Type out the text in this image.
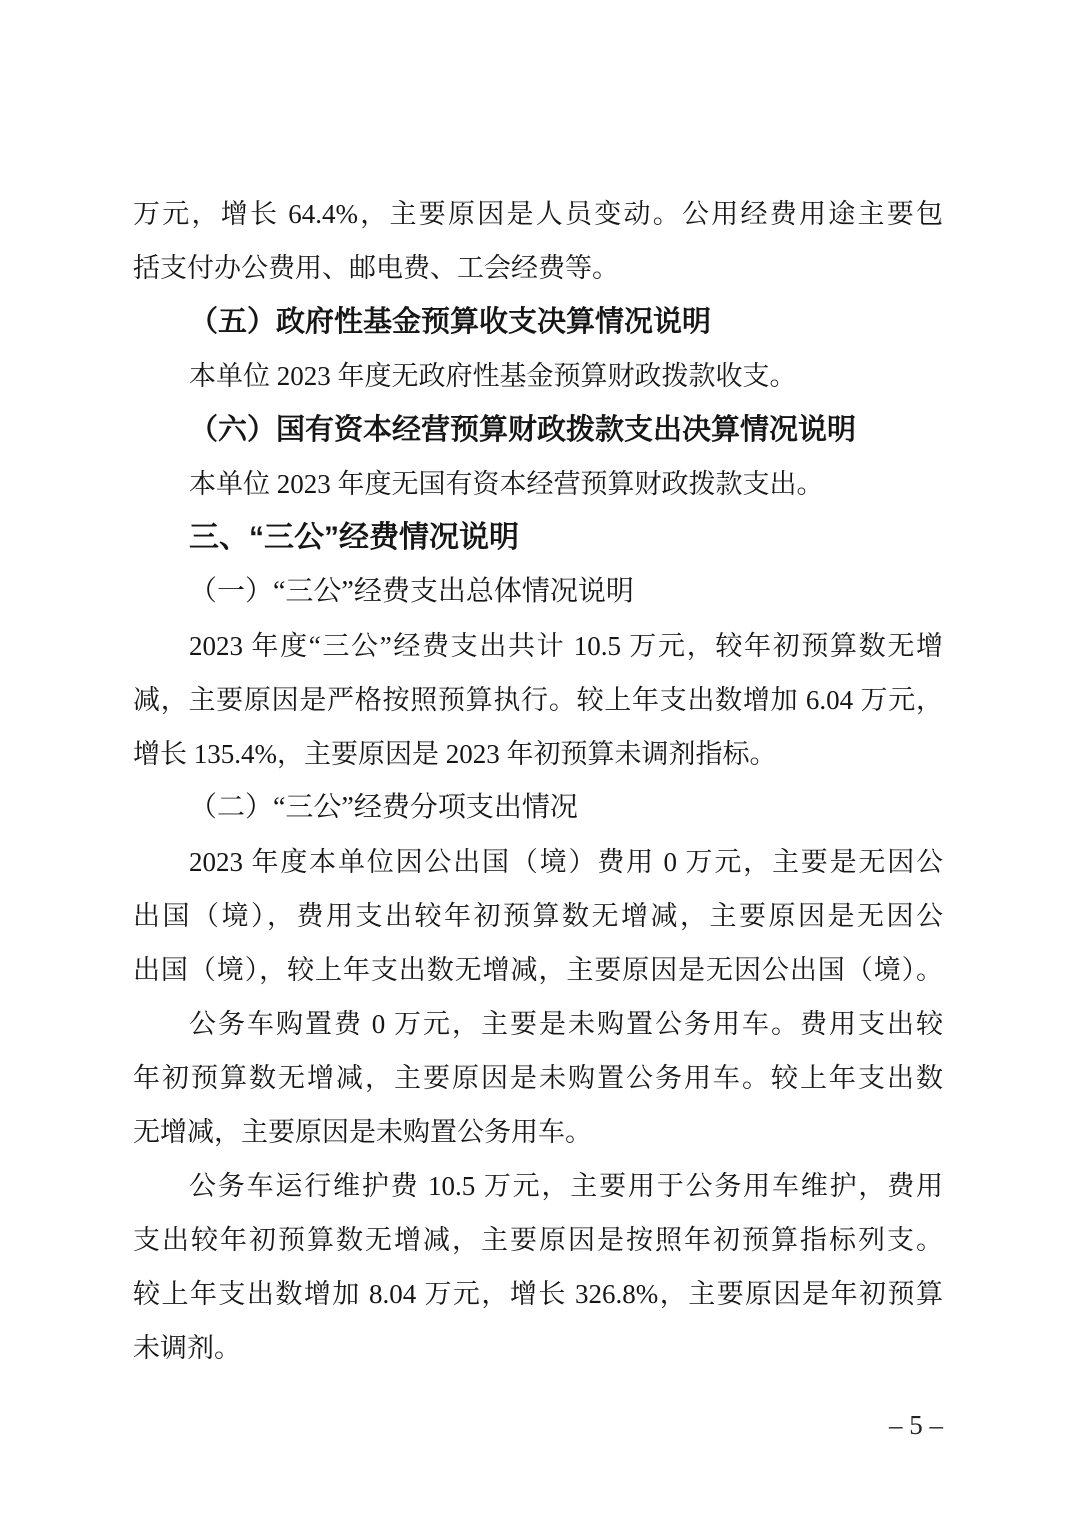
万元，增长 64.4%，主要原因是人员变动。公用经费用途主要包
括支付办公费用、邮电费、工会经费等。
（五）政府性基金预算收支决算情况说明
本单位 2023 年度无政府性基金预算财政拨款收支。
（六）国有资本经营预算财政拨款支出决算情况说明
本单位 2023 年度无国有资本经营预算财政拨款支出。
三、“三公”经费情况说明
（一）“三公”经费支出总体情况说明
2023 年度“三公”经费支出共计 10.5 万元，较年初预算数无增
减，主要原因是严格按照预算执行。较上年支出数增加 6.04 万元，
增长 135.4%，主要原因是 2023 年初预算未调剂指标。
（二）“三公”经费分项支出情况
2023 年度本单位因公出国（境）费用 0 万元，主要是无因公
出国（境），费用支出较年初预算数无增减，主要原因是无因公
出国（境），较上年支出数无增减，主要原因是无因公出国（境）。
公务车购置费 0 万元，主要是未购置公务用车。费用支出较
年初预算数无增减，主要原因是未购置公务用车。较上年支出数
无增减，主要原因是未购置公务用车。
公务车运行维护费 10.5 万元，主要用于公务用车维护，费用
支出较年初预算数无增减，主要原因是按照年初预算指标列支。
较上年支出数增加 8.04 万元，增长 326.8%，主要原因是年初预算
未调剂。
– 5 –
